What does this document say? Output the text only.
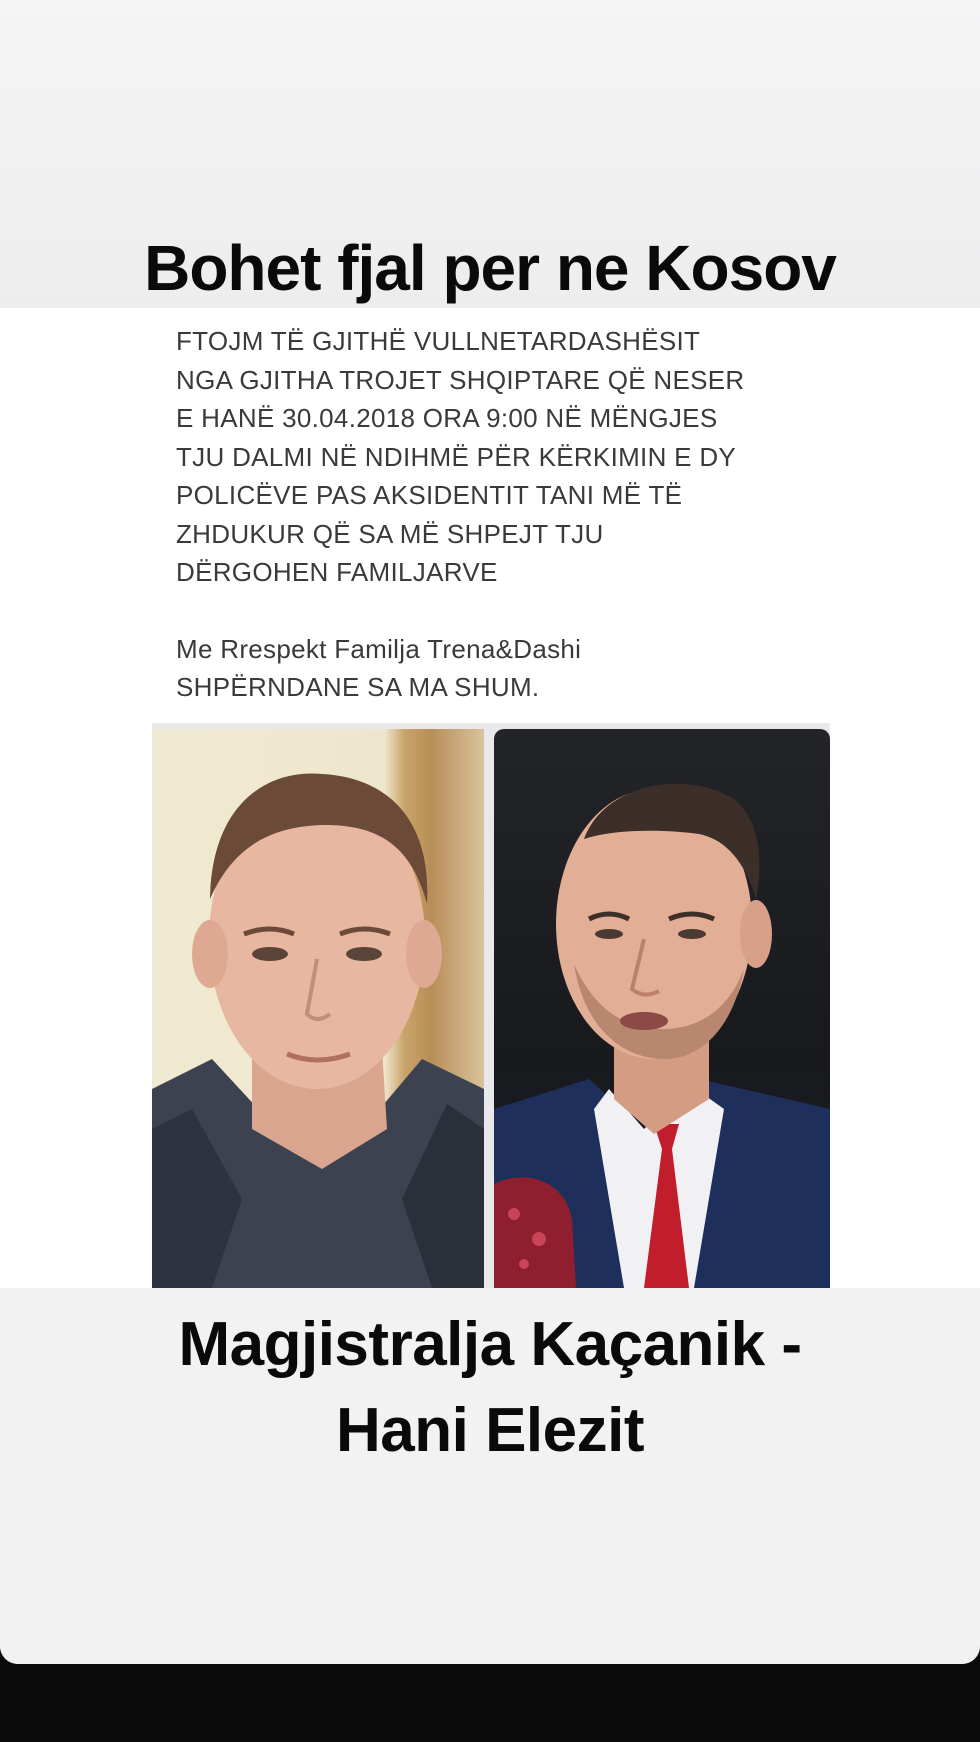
Bohet fjal per ne Kosov
FTOJM TË GJITHË VULLNETARDASHËSIT
NGA GJITHA TROJET SHQIPTARE QË NESER
E HANË 30.04.2018 ORA 9:00 NË MËNGJES
TJU DALMI NË NDIHMË PËR KËRKIMIN E DY
POLICËVE PAS AKSIDENTIT TANI MË TË
ZHDUKUR QË SA MË SHPEJT TJU
DËRGOHEN FAMILJARVE
Me Rrespekt Familja Trena&Dashi
SHPËRNDANE SA MA SHUM.
Magjistralja Kaçanik -
Hani Elezit
